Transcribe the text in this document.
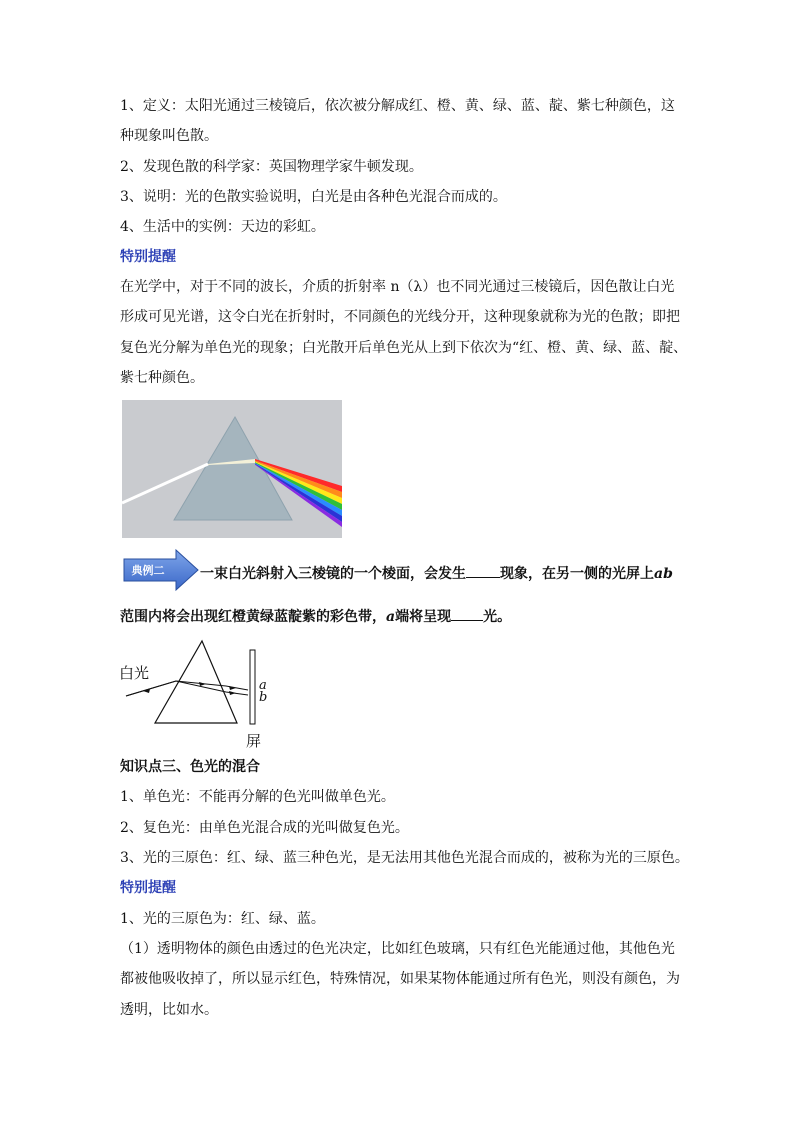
1、定义：太阳光通过三棱镜后，依次被分解成红、橙、黄、绿、蓝、靛、紫七种颜色，这
种现象叫色散。
2、发现色散的科学家：英国物理学家牛顿发现。
3、说明：光的色散实验说明，白光是由各种色光混合而成的。
4、生活中的实例：天边的彩虹。
特别提醒
在光学中，对于不同的波长，介质的折射率 n（λ）也不同光通过三棱镜后，因色散让白光
形成可见光谱，这令白光在折射时，不同颜色的光线分开，这种现象就称为光的色散；即把
复色光分解为单色光的现象；白光散开后单色光从上到下依次为“红、橙、黄、绿、蓝、靛、
紫七种颜色。
典例二	一束白光斜射入三棱镜的一个棱面，会发生 现象，在另一侧的光屏上ab
范围内将会出现红橙黄绿蓝靛紫的彩色带，a端将呈现 光。
白光
a
b
屏
知识点三、色光的混合
1、单色光：不能再分解的色光叫做单色光。
2、复色光：由单色光混合成的光叫做复色光。
3、光的三原色：红、绿、蓝三种色光，是无法用其他色光混合而成的，被称为光的三原色。
特别提醒
1、光的三原色为：红、绿、蓝。
（1）透明物体的颜色由透过的色光决定，比如红色玻璃，只有红色光能通过他，其他色光
都被他吸收掉了，所以显示红色，特殊情况，如果某物体能通过所有色光，则没有颜色，为
透明，比如水。
